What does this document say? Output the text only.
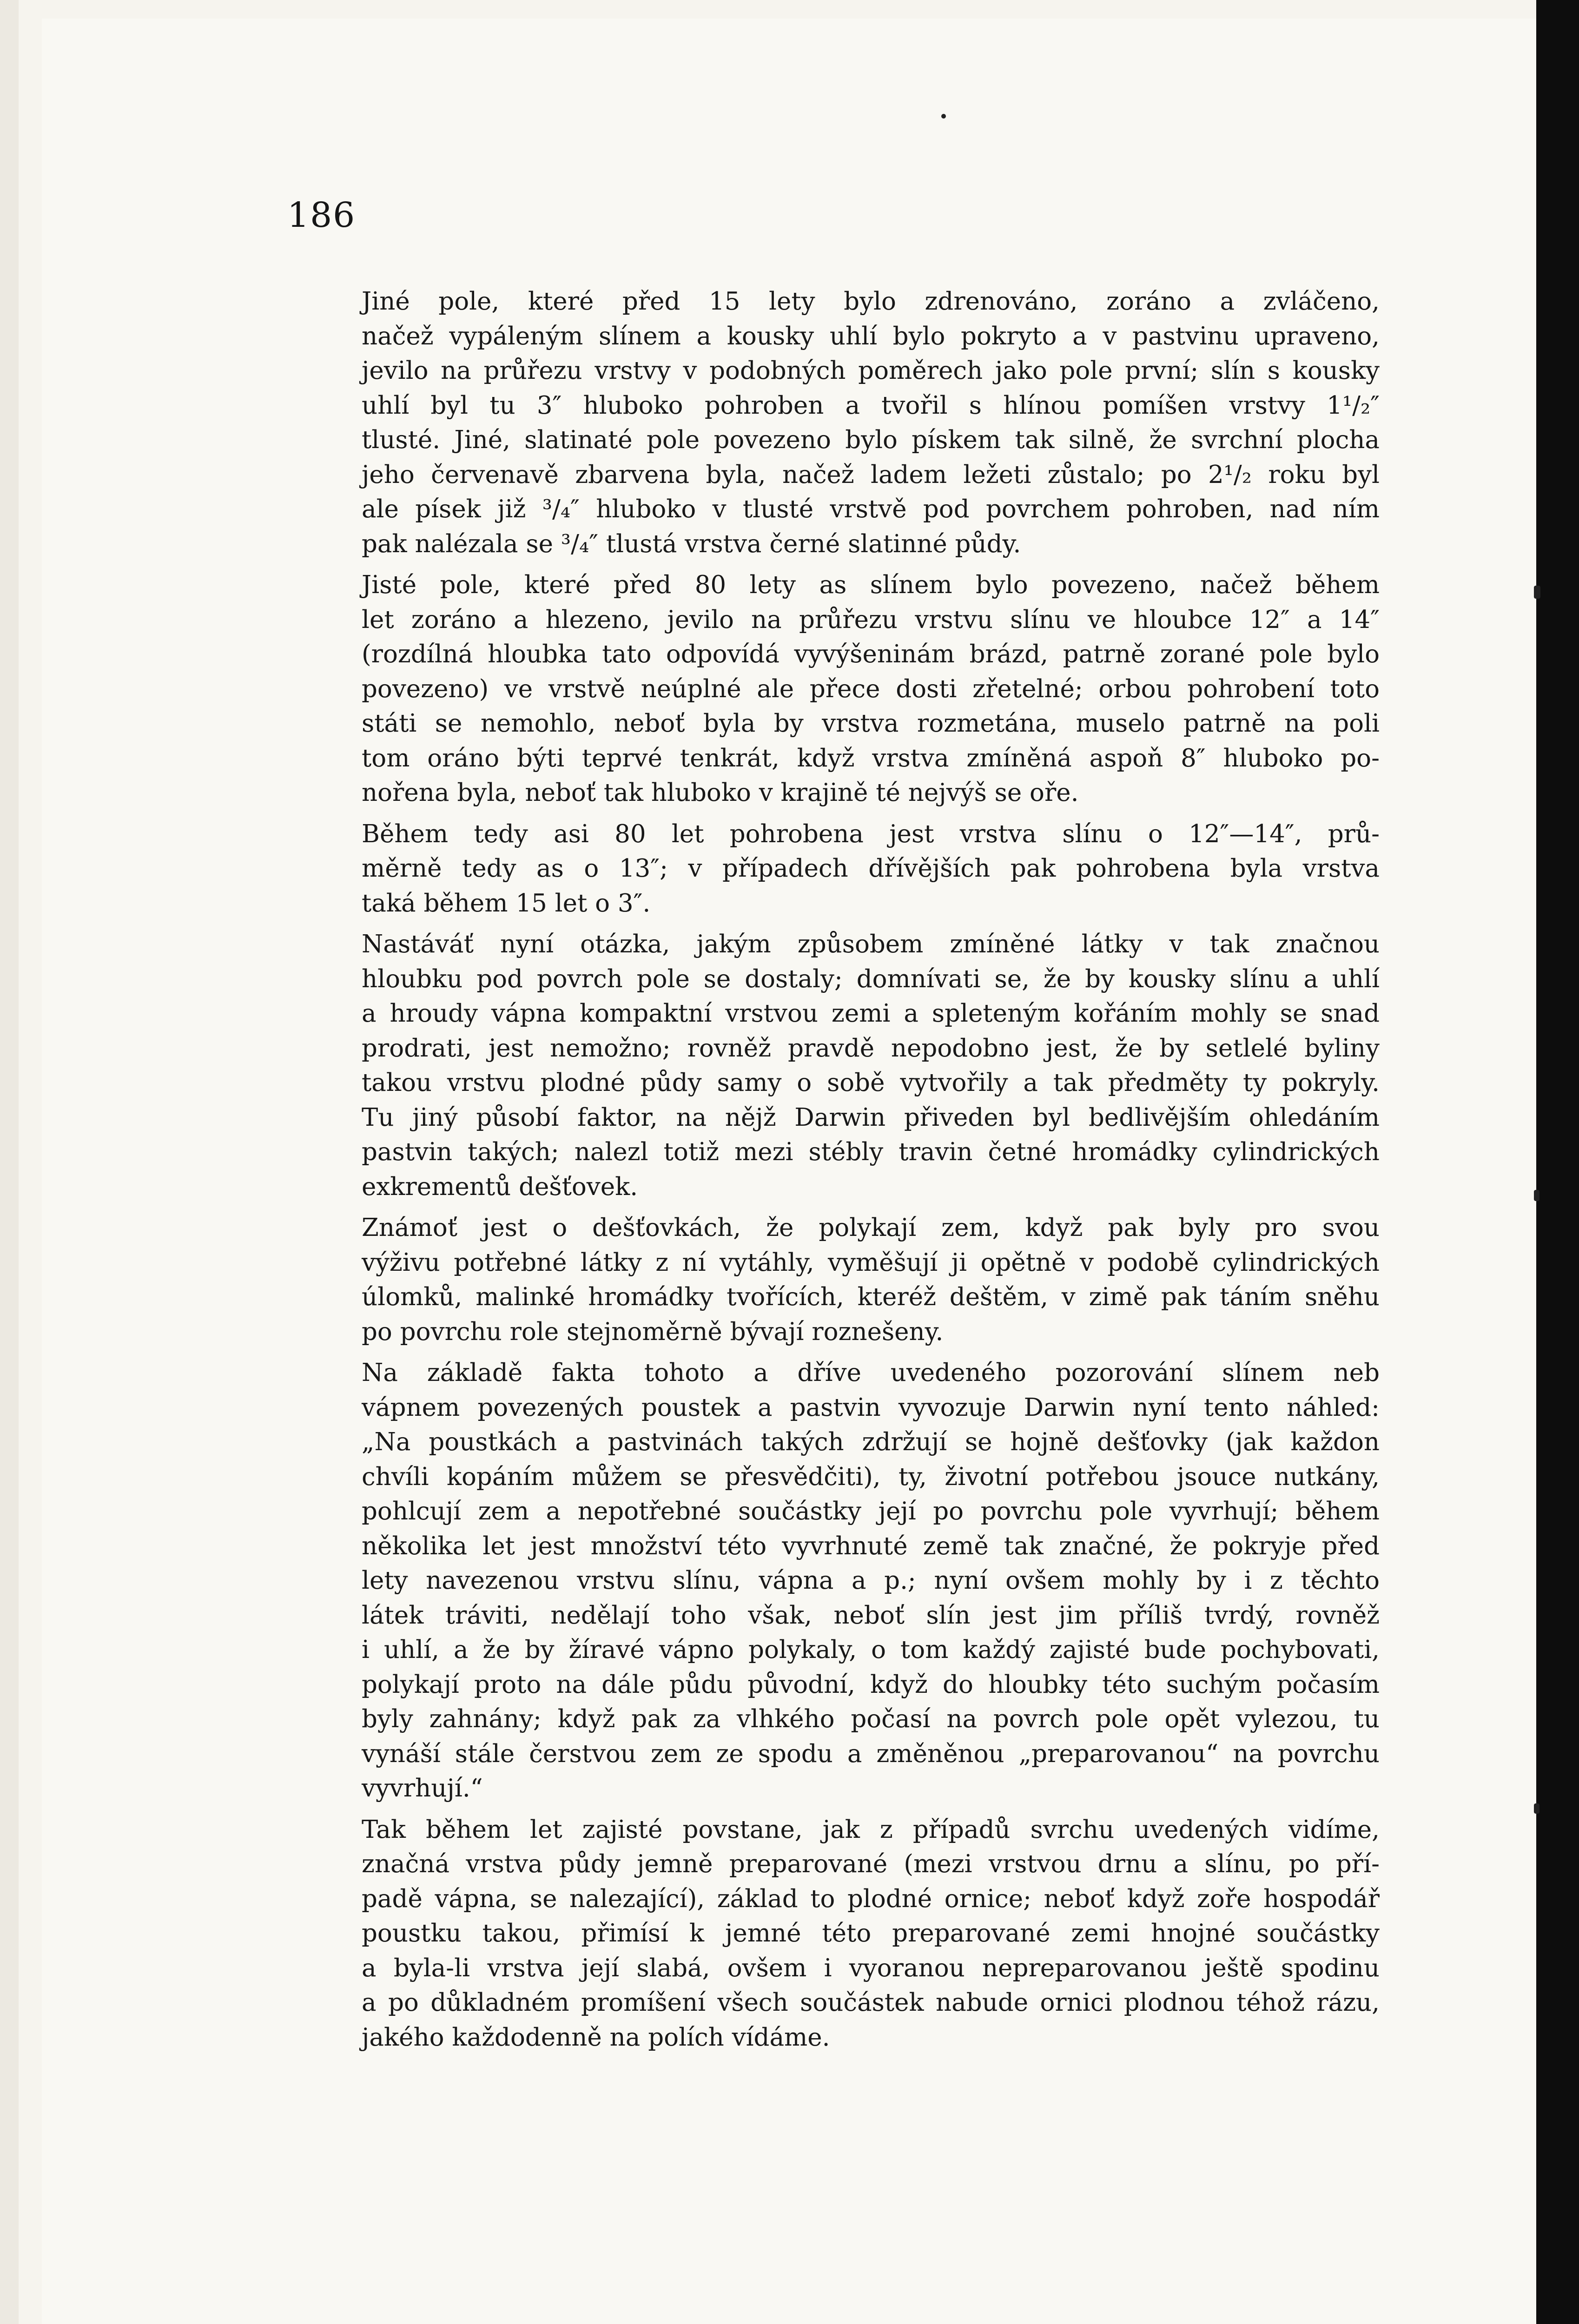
186

Jiné pole, které před 15 lety bylo zdrenováno, zoráno a zvláčeno,
načež vypáleným slínem a kousky uhlí bylo pokryto a v pastvinu upraveno,
jevilo na průřezu vrstvy v podobných poměrech jako pole první; slín s kousky
uhlí byl tu 3″ hluboko pohroben a tvořil s hlínou pomíšen vrstvy 1¹/₂″
tlusté. Jiné, slatinaté pole povezeno bylo pískem tak silně, že svrchní plocha
jeho červenavě zbarvena byla, načež ladem ležeti zůstalo; po 2¹/₂ roku byl
ale písek již ³/₄″ hluboko v tlusté vrstvě pod povrchem pohroben, nad ním
pak nalézala se ³/₄″ tlustá vrstva černé slatinné půdy.

Jisté pole, které před 80 lety as slínem bylo povezeno, načež během
let zoráno a hlezeno, jevilo na průřezu vrstvu slínu ve hloubce 12″ a 14″
(rozdílná hloubka tato odpovídá vyvýšeninám brázd, patrně zorané pole bylo
povezeno) ve vrstvě neúplné ale přece dosti zřetelné; orbou pohrobení toto
státi se nemohlo, neboť byla by vrstva rozmetána, muselo patrně na poli
tom oráno býti teprvé tenkrát, když vrstva zmíněná aspoň 8″ hluboko po-
nořena byla, neboť tak hluboko v krajině té nejvýš se oře.

Během tedy asi 80 let pohrobena jest vrstva slínu o 12″—14″, prů-
měrně tedy as o 13″; v případech dřívějších pak pohrobena byla vrstva
taká během 15 let o 3″.

Nastáváť nyní otázka, jakým způsobem zmíněné látky v tak značnou
hloubku pod povrch pole se dostaly; domnívati se, že by kousky slínu a uhlí
a hroudy vápna kompaktní vrstvou zemi a spleteným kořáním mohly se snad
prodrati, jest nemožno; rovněž pravdě nepodobno jest, že by setlelé byliny
takou vrstvu plodné půdy samy o sobě vytvořily a tak předměty ty pokryly.
Tu jiný působí faktor, na nějž Darwin přiveden byl bedlivějším ohledáním
pastvin takých; nalezl totiž mezi stébly travin četné hromádky cylindrických
exkrementů dešťovek.

Známoť jest o dešťovkách, že polykají zem, když pak byly pro svou
výživu potřebné látky z ní vytáhly, vyměšují ji opětně v podobě cylindrických
úlomků, malinké hromádky tvořících, kteréž deštěm, v zimě pak táním sněhu
po povrchu role stejnoměrně bývají roznešeny.

Na základě fakta tohoto a dříve uvedeného pozorování slínem neb
vápnem povezených poustek a pastvin vyvozuje Darwin nyní tento náhled:
„Na poustkách a pastvinách takých zdržují se hojně dešťovky (jak každon
chvíli kopáním můžem se přesvědčiti), ty, životní potřebou jsouce nutkány,
pohlcují zem a nepotřebné součástky její po povrchu pole vyvrhují; během
několika let jest množství této vyvrhnuté země tak značné, že pokryje před
lety navezenou vrstvu slínu, vápna a p.; nyní ovšem mohly by i z těchto
látek tráviti, nedělají toho však, neboť slín jest jim příliš tvrdý, rovněž
i uhlí, a že by žíravé vápno polykaly, o tom každý zajisté bude pochybovati,
polykají proto na dále půdu původní, když do hloubky této suchým počasím
byly zahnány; když pak za vlhkého počasí na povrch pole opět vylezou, tu
vynáší stále čerstvou zem ze spodu a změněnou „preparovanou“ na povrchu
vyvrhují.“

Tak během let zajisté povstane, jak z případů svrchu uvedených vidíme,
značná vrstva půdy jemně preparované (mezi vrstvou drnu a slínu, po pří-
padě vápna, se nalezající), základ to plodné ornice; neboť když zoře hospodář
poustku takou, přimísí k jemné této preparované zemi hnojné součástky
a byla-li vrstva její slabá, ovšem i vyoranou nepreparovanou ještě spodinu
a po důkladném promíšení všech součástek nabude ornici plodnou téhož rázu,
jakého každodenně na polích vídáme.
